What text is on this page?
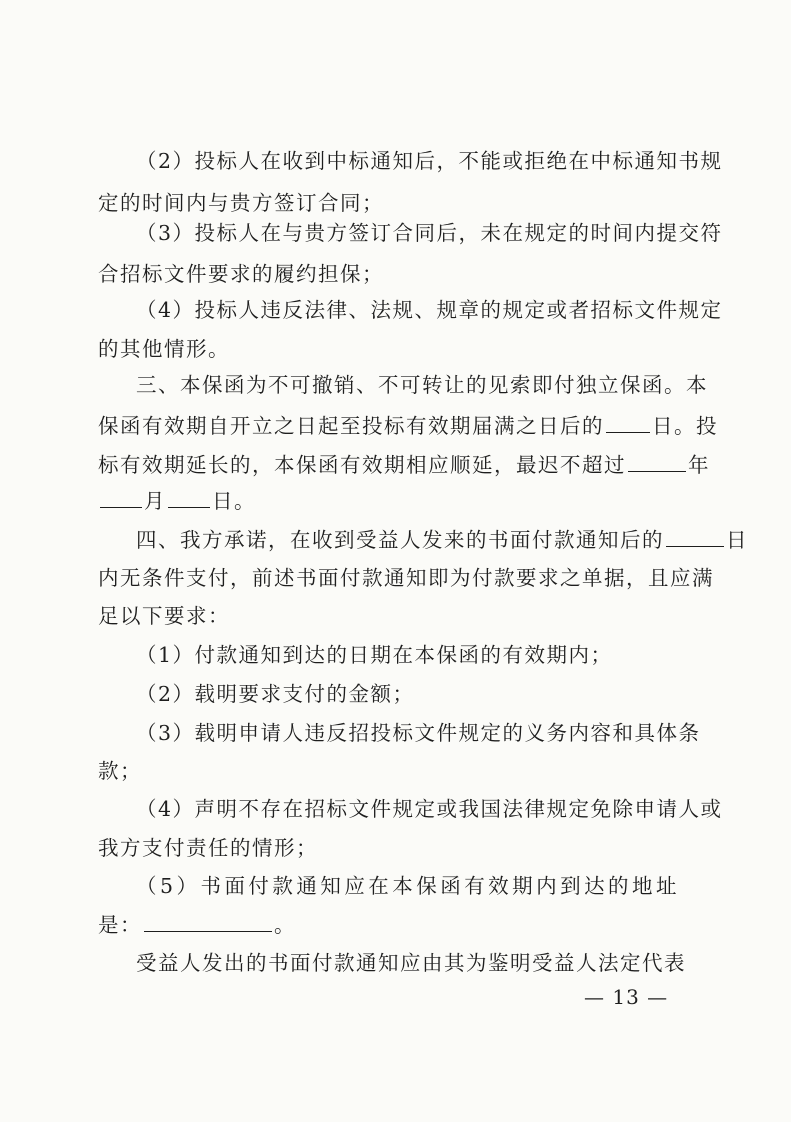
（2）投标人在收到中标通知后，不能或拒绝在中标通知书规
定的时间内与贵方签订合同；
（3）投标人在与贵方签订合同后，未在规定的时间内提交符
合招标文件要求的履约担保；
（4）投标人违反法律、法规、规章的规定或者招标文件规定
的其他情形。
三、本保函为不可撤销、不可转让的见索即付独立保函。本
保函有效期自开立之日起至投标有效期届满之日后的 日。投
标有效期延长的，本保函有效期相应顺延，最迟不超过	年
月 日。
四、我方承诺，在收到受益人发来的书面付款通知后的	日
内无条件支付，前述书面付款通知即为付款要求之单据，且应满
足以下要求：
（1）付款通知到达的日期在本保函的有效期内；
（2）载明要求支付的金额；
（3）载明申请人违反招投标文件规定的义务内容和具体条
款；
（4）声明不存在招标文件规定或我国法律规定免除申请人或
我方支付责任的情形；
（5）书面付款通知应在本保函有效期内到达的地址
是：	。
受益人发出的书面付款通知应由其为鉴明受益人法定代表
— 13 —
